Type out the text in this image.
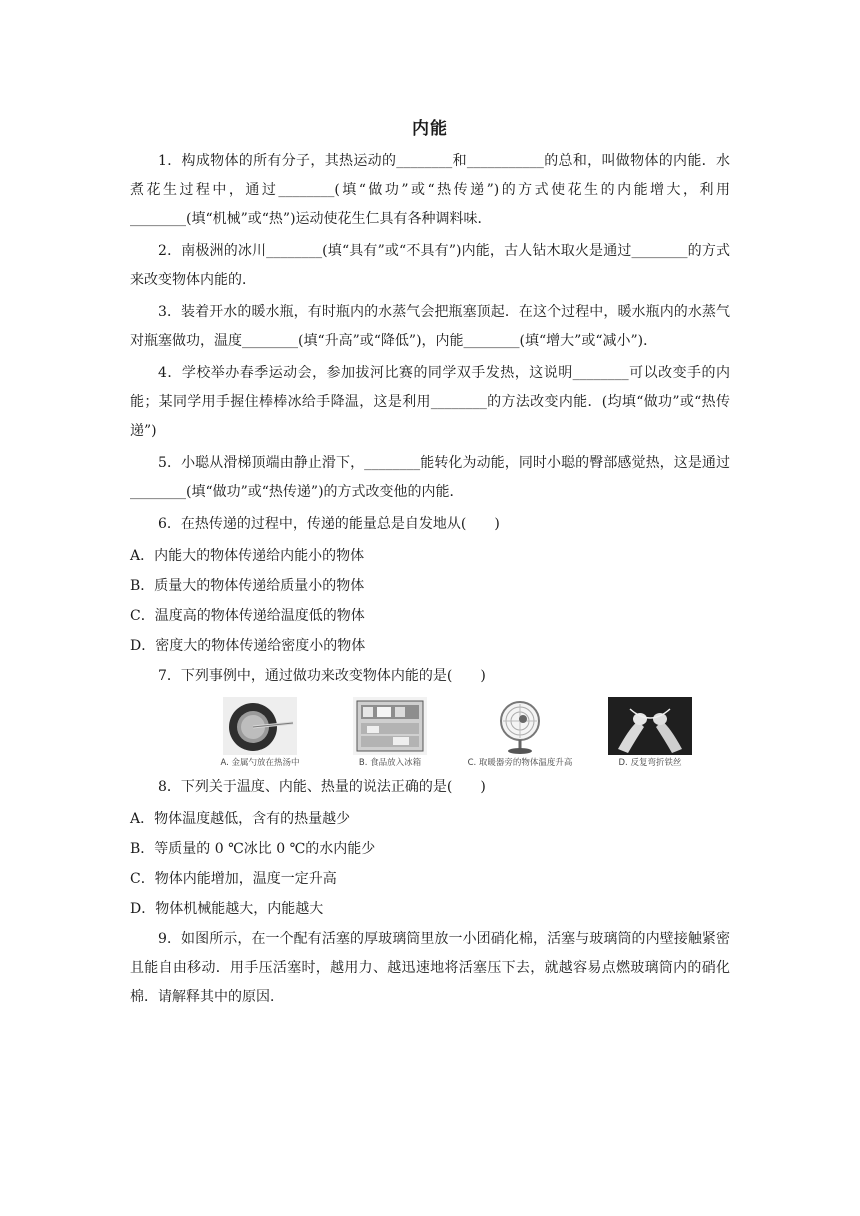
内能

1．构成物体的所有分子，其热运动的________和___________的总和，叫做物体的内能．水煮花生过程中，通过________(填“做功”或“热传递”)的方式使花生的内能增大，利用________(填“机械”或“热”)运动使花生仁具有各种调料味．

2．南极洲的冰川________(填“具有”或“不具有”)内能，古人钻木取火是通过________的方式来改变物体内能的．

3．装着开水的暖水瓶，有时瓶内的水蒸气会把瓶塞顶起．在这个过程中，暖水瓶内的水蒸气对瓶塞做功，温度________(填“升高”或“降低”)，内能________(填“增大”或“减小”)．

4．学校举办春季运动会，参加拔河比赛的同学双手发热，这说明________可以改变手的内能；某同学用手握住棒棒冰给手降温，这是利用________的方法改变内能．(均填“做功”或“热传递”)

5．小聪从滑梯顶端由静止滑下，________能转化为动能，同时小聪的臀部感觉热，这是通过________(填“做功”或“热传递”)的方式改变他的内能．

6．在热传递的过程中，传递的能量总是自发地从(　　)

A．内能大的物体传递给内能小的物体
B．质量大的物体传递给质量小的物体
C．温度高的物体传递给温度低的物体
D．密度大的物体传递给密度小的物体

7．下列事例中，通过做功来改变物体内能的是(　　)

A. 金属勺放在热汤中	B. 食品放入冰箱	C. 取暖器旁的物体温度升高	D. 反复弯折铁丝

8．下列关于温度、内能、热量的说法正确的是(　　)

A．物体温度越低，含有的热量越少
B．等质量的 0 ℃冰比 0 ℃的水内能少
C．物体内能增加，温度一定升高
D．物体机械能越大，内能越大

9．如图所示，在一个配有活塞的厚玻璃筒里放一小团硝化棉，活塞与玻璃筒的内壁接触紧密且能自由移动．用手压活塞时，越用力、越迅速地将活塞压下去，就越容易点燃玻璃筒内的硝化棉．请解释其中的原因．
